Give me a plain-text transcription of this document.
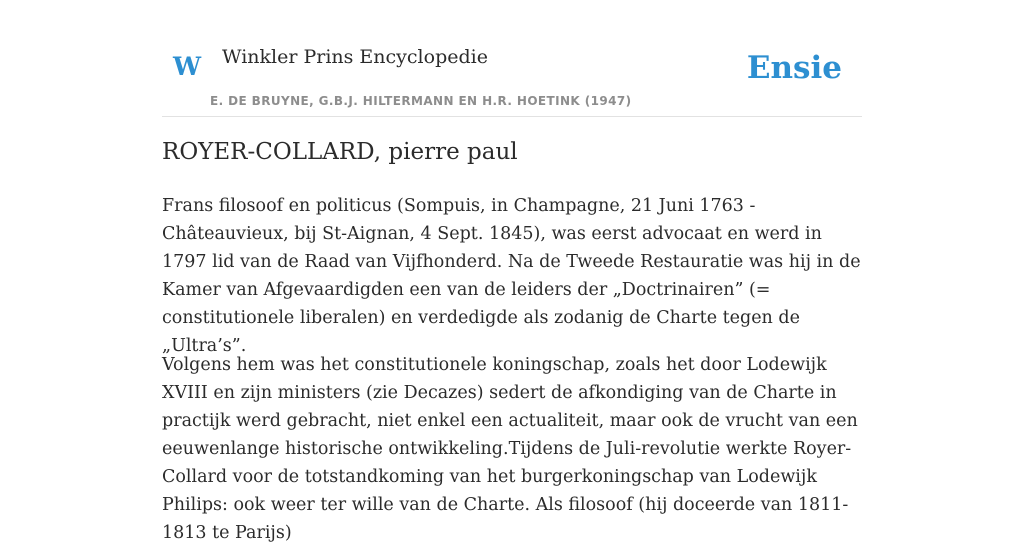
W Winkler Prins Encyclopedie
E. DE BRUYNE, G.B.J. HILTERMANN EN H.R. HOETINK (1947)
Ensie
ROYER-COLLARD, pierre paul

Frans filosoof en politicus (Sompuis, in Champagne, 21 Juni 1763 - Châteauvieux, bij St-Aignan, 4 Sept. 1845), was eerst advocaat en werd in 1797 lid van de Raad van Vijfhonderd. Na de Tweede Restauratie was hij in de Kamer van Afgevaardigden een van de leiders der „Doctrinairen” (= constitutionele liberalen) en verdedigde als zodanig de Charte tegen de „Ultra’s”.

Volgens hem was het constitutionele koningschap, zoals het door Lodewijk XVIII en zijn ministers (zie Decazes) sedert de afkondiging van de Charte in practijk werd gebracht, niet enkel een actualiteit, maar ook de vrucht van een eeuwenlange historische ontwikkeling.Tijdens de Juli-revolutie werkte Royer-Collard voor de totstandkoming van het burgerkoningschap van Lodewijk Philips: ook weer ter wille van de Charte. Als filosoof (hij doceerde van 1811-1813 te Parijs)
